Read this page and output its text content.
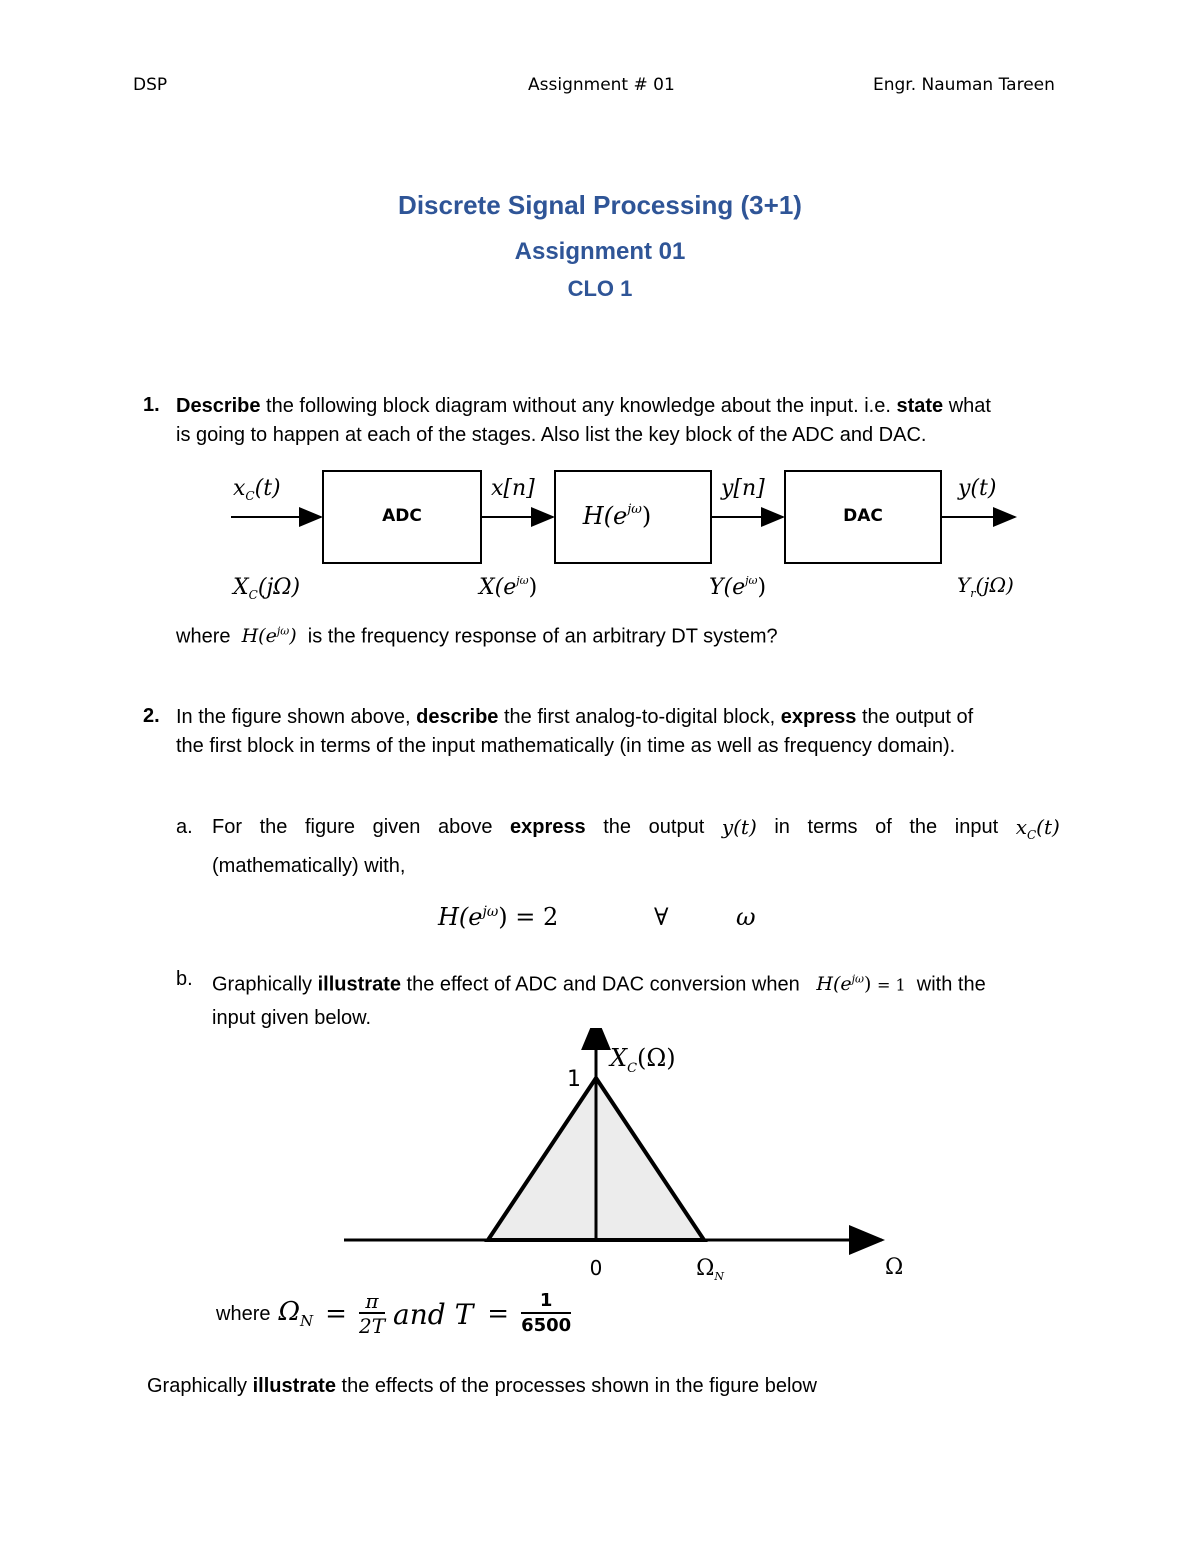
DSP	Assignment # 01	Engr. Nauman Tareen
Discrete Signal Processing (3+1)
Assignment 01
CLO 1
1. Describe the following block diagram without any knowledge about the input. i.e. state what
is going to happen at each of the stages. Also list the key block of the ADC and DAC.
ADC	$H(e^{j\omega})$	DAC
$x_C(t)$	x[n]	y[n]	y(t)
$X_C(j\Omega)$	$X(e^{j\omega})$	$Y(e^{j\omega})$	$Y_r(j\Omega)$
where $H(e^{j\omega})$ is the frequency response of an arbitrary DT system?
2. In the figure shown above, describe the first analog-to-digital block, express the output of
the first block in terms of the input mathematically (in time as well as frequency domain).
a. For the figure given above express the output y(t) in terms of the input $x_C(t)$
(mathematically) with,
$H(e^{j\omega}) = 2$	∀	ω
b. Graphically illustrate the effect of ADC and DAC conversion when $H(e^{j\omega}) = 1$ with the
input given below.
$X_C(\Omega)$
1
0	$\Omega_N$	Ω
where $\Omega_N = \frac{\pi}{2T}$ and $T = \frac{1}{6500}$
Graphically illustrate the effects of the processes shown in the figure below
